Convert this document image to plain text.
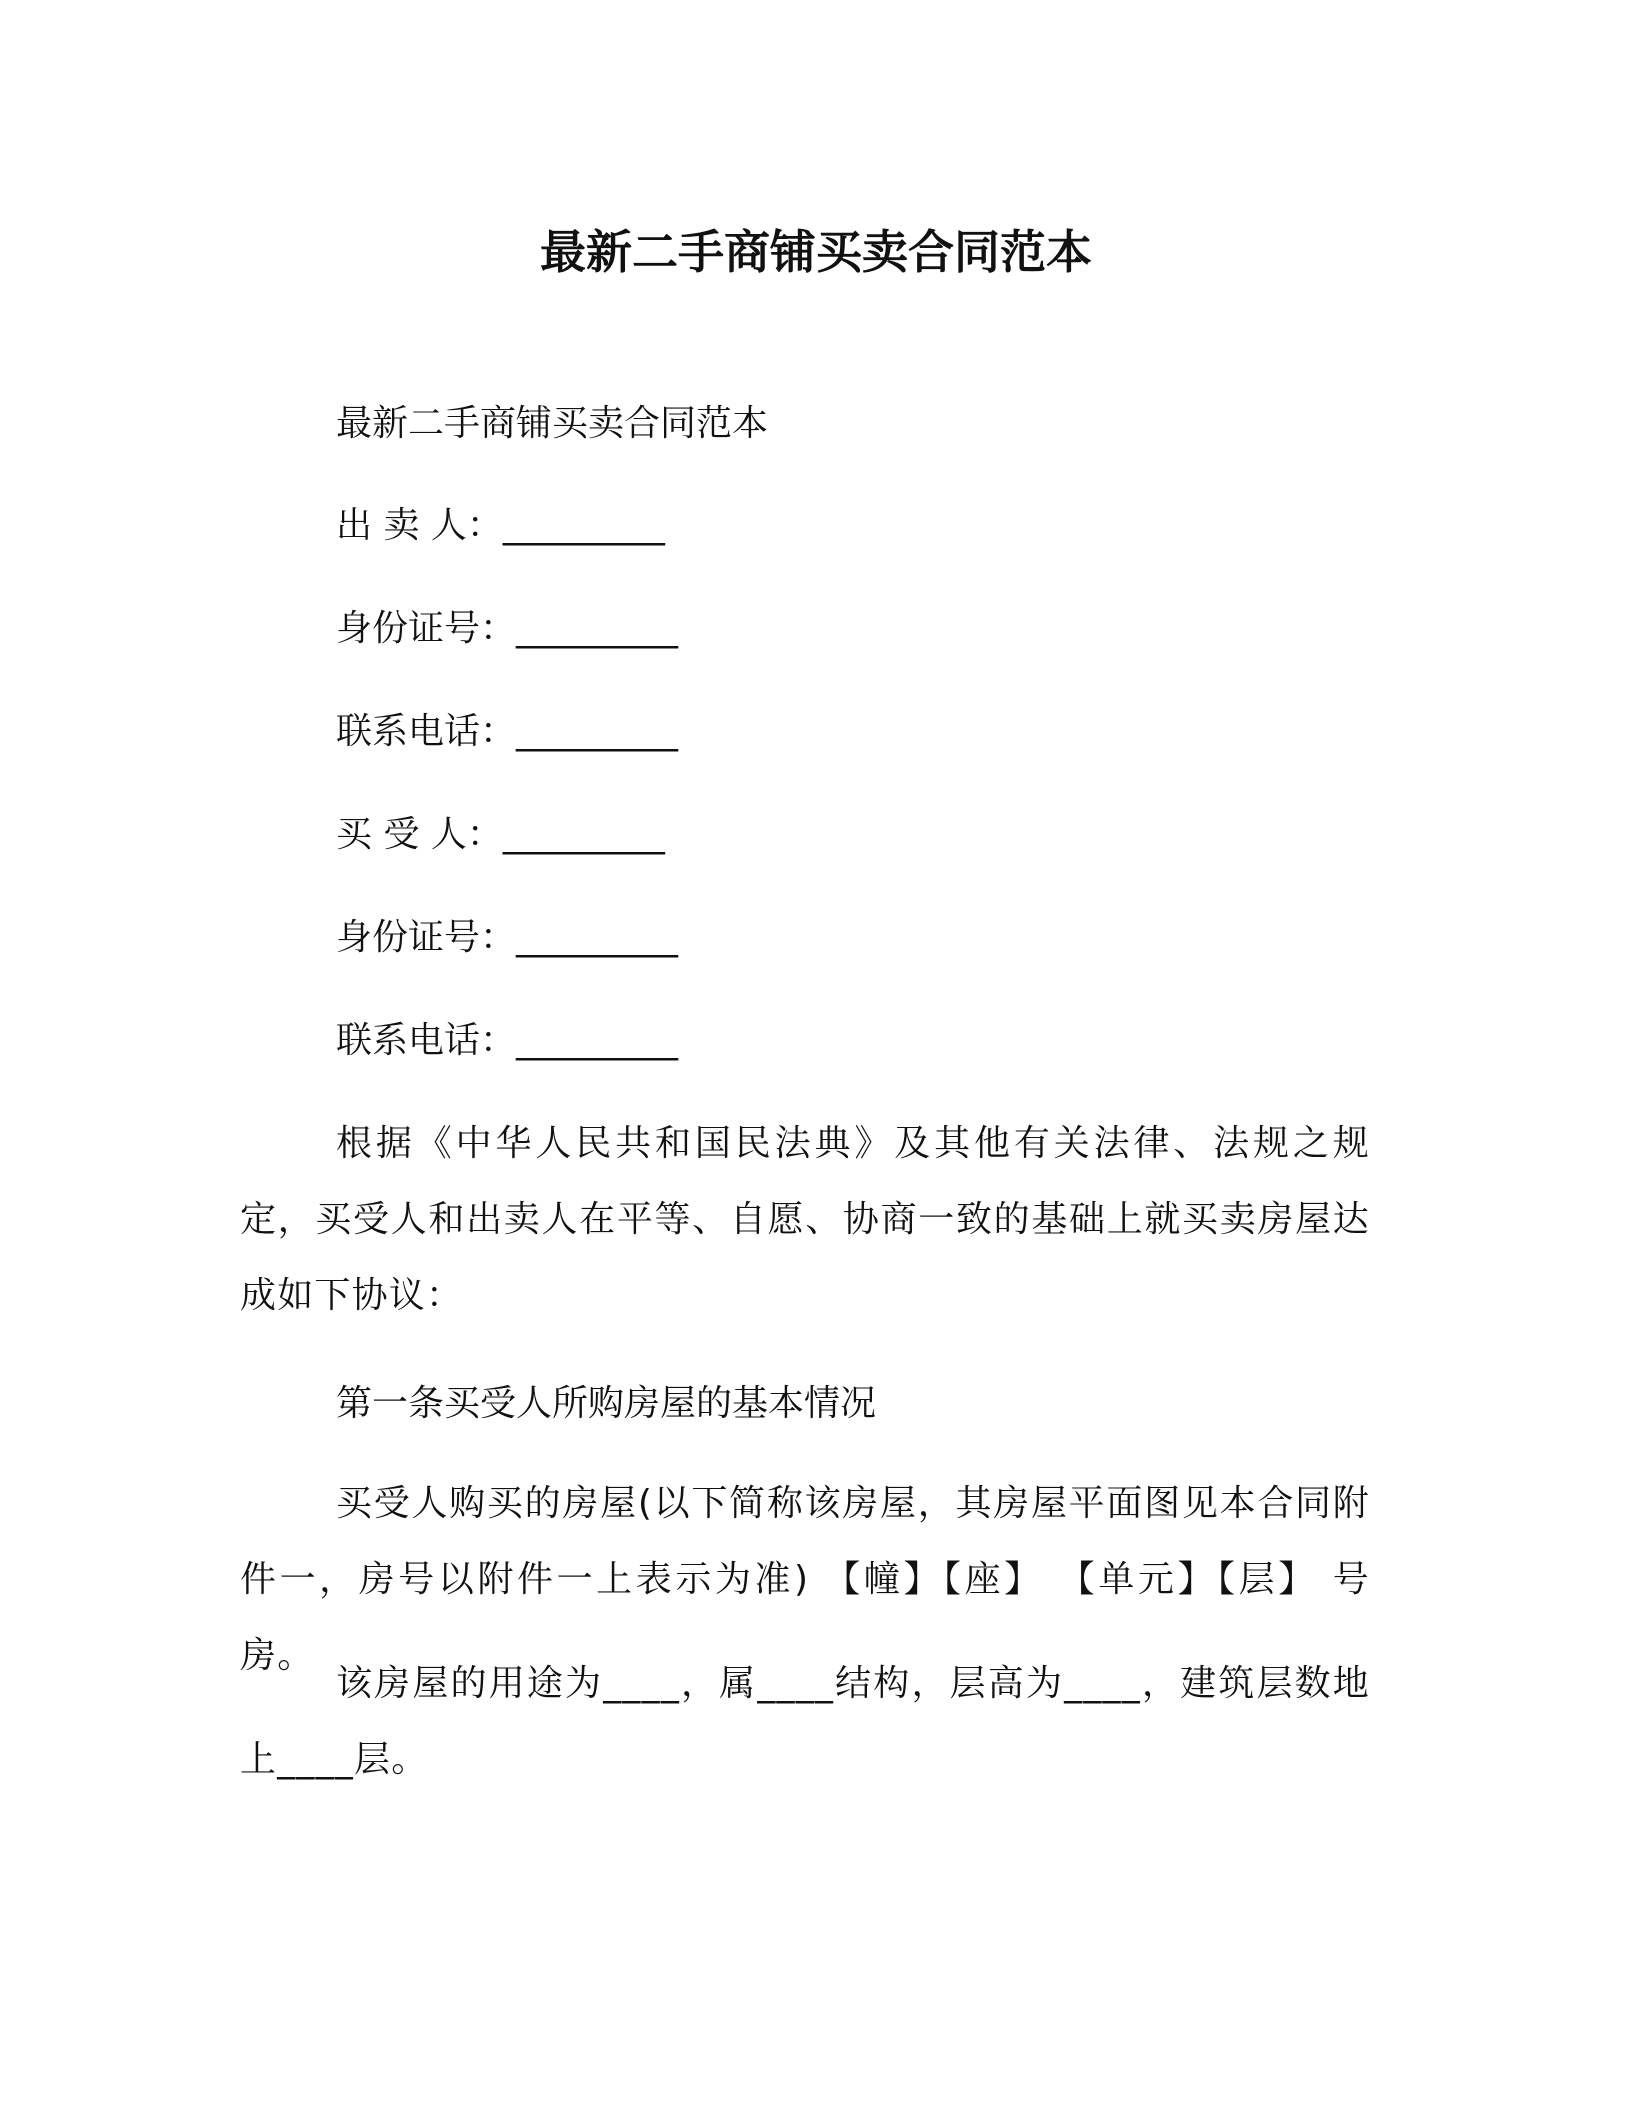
最新二手商铺买卖合同范本
最新二手商铺买卖合同范本
出 卖 人：_________
身份证号：_________
联系电话：_________
买 受 人：_________
身份证号：_________
联系电话：_________
根据《中华人民共和国民法典》及其他有关法律、法规之规定，买受人和出卖人在平等、自愿、协商一致的基础上就买卖房屋达成如下协议：
第一条买受人所购房屋的基本情况
买受人购买的房屋(以下简称该房屋，其房屋平面图见本合同附件一，房号以附件一上表示为准) 【幢】【座】 【单元】【层】 号房。
该房屋的用途为____，属____结构，层高为____，建筑层数地上____层。
